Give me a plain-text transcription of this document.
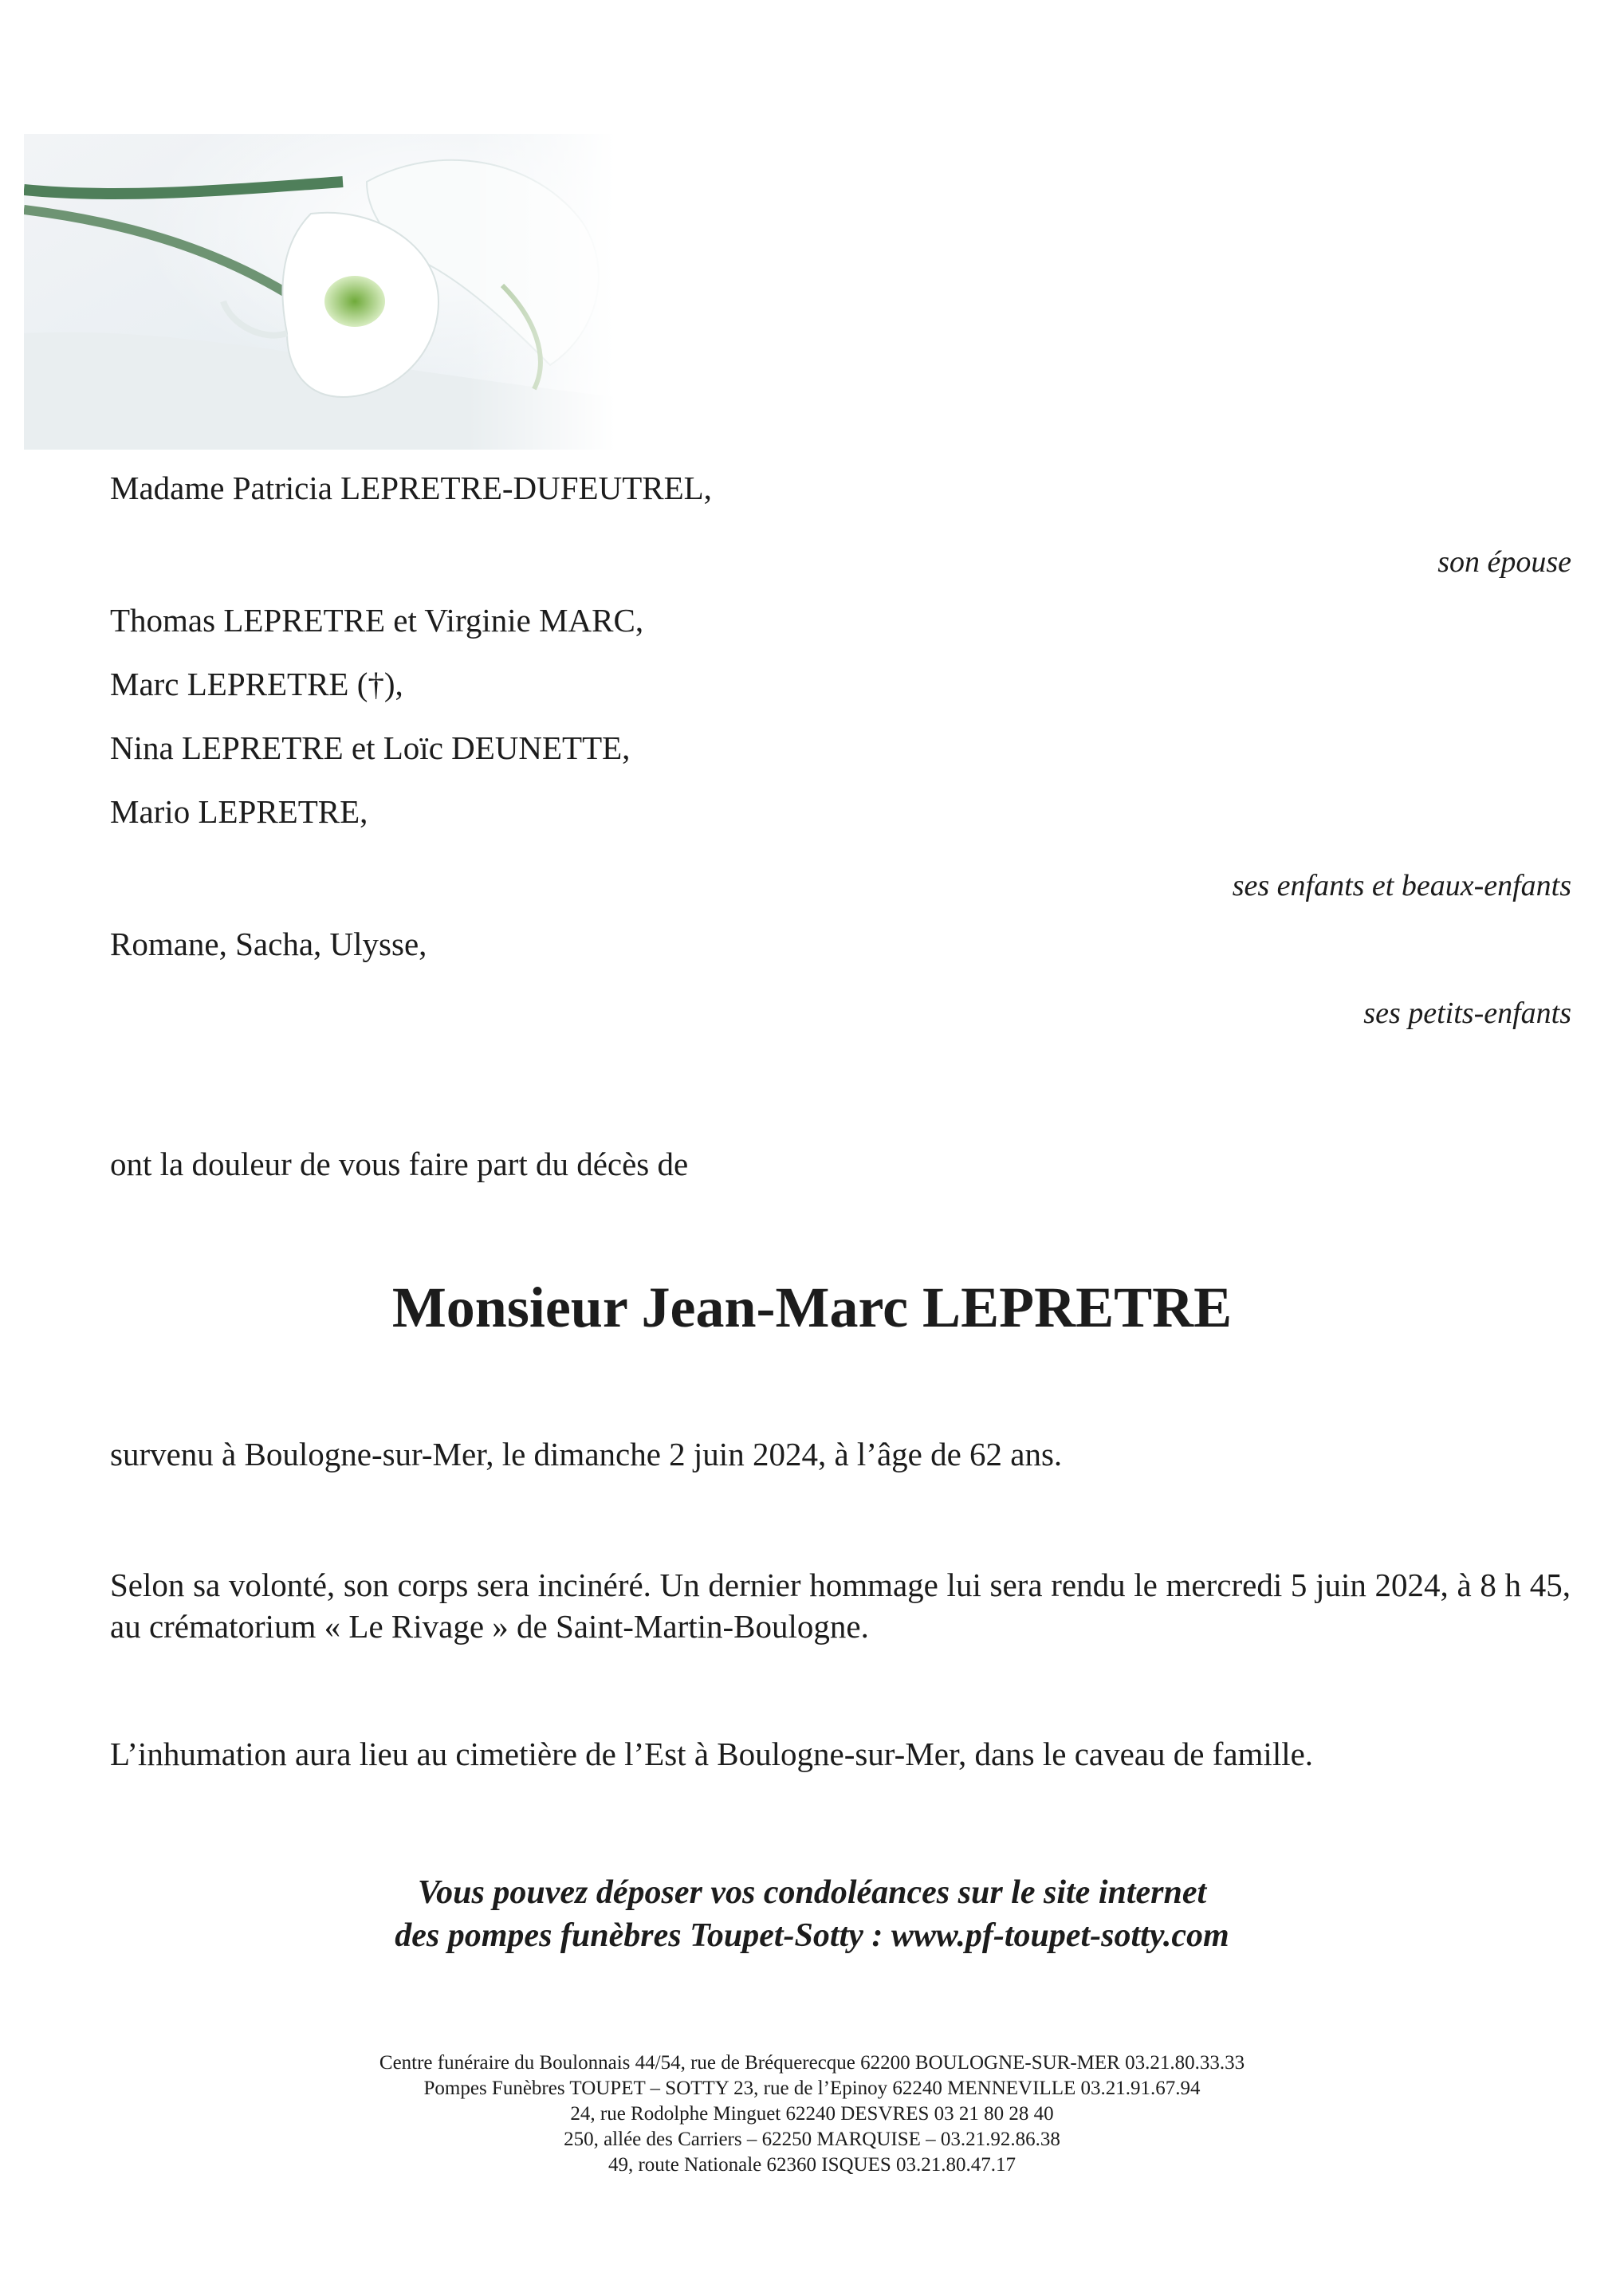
Madame Patricia LEPRETRE-DUFEUTREL,
son épouse
Thomas LEPRETRE et Virginie MARC,
Marc LEPRETRE (†),
Nina LEPRETRE et Loïc DEUNETTE,
Mario LEPRETRE,
ses enfants et beaux-enfants
Romane, Sacha, Ulysse,
ses petits-enfants
ont la douleur de vous faire part du décès de
Monsieur Jean-Marc LEPRETRE
survenu à Boulogne-sur-Mer, le dimanche 2 juin 2024, à l’âge de 62 ans.
Selon sa volonté, son corps sera incinéré. Un dernier hommage lui sera rendu le mercredi 5 juin 2024, à 8 h 45, au crématorium « Le Rivage » de Saint-Martin-Boulogne.
L’inhumation aura lieu au cimetière de l’Est à Boulogne-sur-Mer, dans le caveau de famille.
Vous pouvez déposer vos condoléances sur le site internet
des pompes funèbres Toupet-Sotty : www.pf-toupet-sotty.com
Centre funéraire du Boulonnais 44/54, rue de Bréquerecque 62200 BOULOGNE-SUR-MER 03.21.80.33.33
Pompes Funèbres TOUPET – SOTTY 23, rue de l’Epinoy 62240 MENNEVILLE 03.21.91.67.94
24, rue Rodolphe Minguet 62240 DESVRES 03 21 80 28 40
250, allée des Carriers – 62250 MARQUISE – 03.21.92.86.38
49, route Nationale 62360 ISQUES 03.21.80.47.17
